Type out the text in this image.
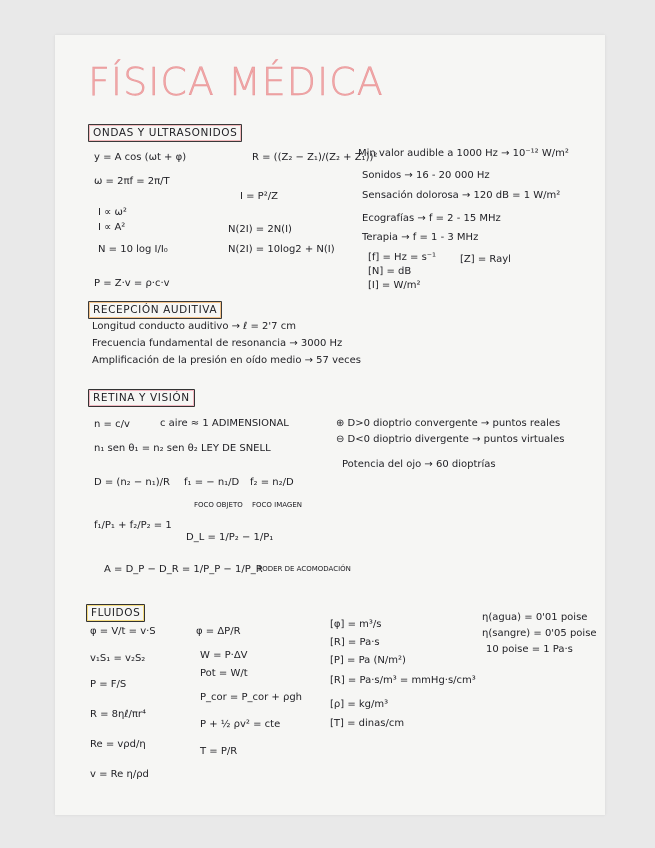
FÍSICA MÉDICA
ONDAS Y ULTRASONIDOS
y = A cos (ωt + φ)
ω = 2πf = 2π/T
R = ((Z₂ − Z₁)/(Z₂ + Z₁))²
I = P²/Z
I ∝ ω²
I ∝ A²
N = 10 log I/I₀
N(2I) = 2N(I)
N(2I) = 10log2 + N(I)
P = Z·v = ρ·c·v
Min valor audible a 1000 Hz → 10⁻¹² W/m²
Sonidos → 16 - 20 000 Hz
Sensación dolorosa → 120 dB = 1 W/m²
Ecografías → f = 2 - 15 MHz
Terapia → f = 1 - 3 MHz
[f] = Hz = s⁻¹
[N] = dB
[I] = W/m²
[Z] = Rayl
RECEPCIÓN AUDITIVA
Longitud conducto auditivo → ℓ = 2'7 cm
Frecuencia fundamental de resonancia → 3000 Hz
Amplificación de la presión en oído medio → 57 veces
RETINA Y VISIÓN
n = c/v	c aire ≈ 1 ADIMENSIONAL
n₁ sen θ₁ = n₂ sen θ₂ LEY DE SNELL
D = (n₂ − n₁)/R f₁ = − n₁/D f₂ = n₂/D
FOCO OBJETO FOCO IMAGEN
f₁/P₁ + f₂/P₂ = 1
D_L = 1/P₂ − 1/P₁
A = D_P − D_R = 1/P_P − 1/P_R
PODER DE ACOMODACIÓN
⊕ D>0 dioptrio convergente → puntos reales
⊖ D<0 dioptrio divergente → puntos virtuales
Potencia del ojo → 60 dioptrías
FLUIDOS
φ = V/t = v·S
v₁S₁ = v₂S₂
P = F/S
R = 8ηℓ/πr⁴
Re = vρd/η
v = Re η/ρd
φ = ΔP/R
W = P·ΔV
Pot = W/t
P_cor = P_cor + ρgh
P + ½ ρv² = cte
T = P/R
[φ] = m³/s
[R] = Pa·s
[P] = Pa (N/m²)
[R] = Pa·s/m³ = mmHg·s/cm³
[ρ] = kg/m³
[T] = dinas/cm
η(agua) = 0'01 poise
η(sangre) = 0'05 poise
10 poise = 1 Pa·s
